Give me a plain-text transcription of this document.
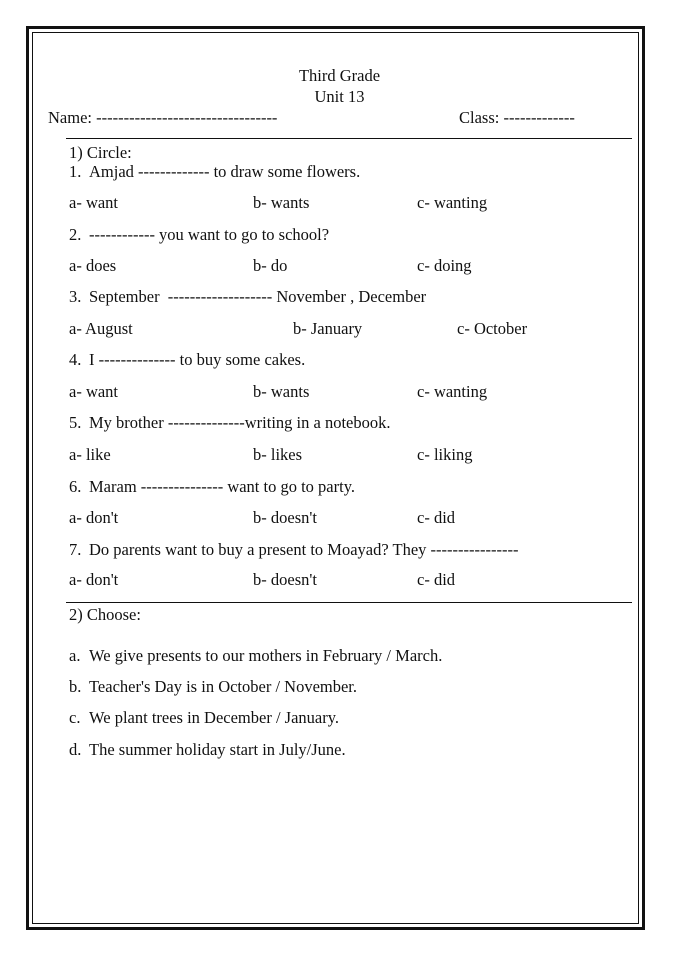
Third Grade
Unit 13
Name: ---------------------------------	Class: -------------
1) Circle:
1. Amjad ------------- to draw some flowers.
a- want	b- wants	c- wanting
2. ------------ you want to go to school?
a- does	b- do	c- doing
3. September  ------------------- November , December
a- August	b- January	c- October
4. I -------------- to buy some cakes.
a- want	b- wants	c- wanting
5. My brother --------------writing in a notebook.
a- like	b- likes	c- liking
6. Maram --------------- want to go to party.
a- don't	b- doesn't	c- did
7. Do parents want to buy a present to Moayad? They ----------------
a- don't	b- doesn't	c- did
2) Choose:
a. We give presents to our mothers in February / March.
b. Teacher's Day is in October / November.
c. We plant trees in December / January.
d. The summer holiday start in July/June.
